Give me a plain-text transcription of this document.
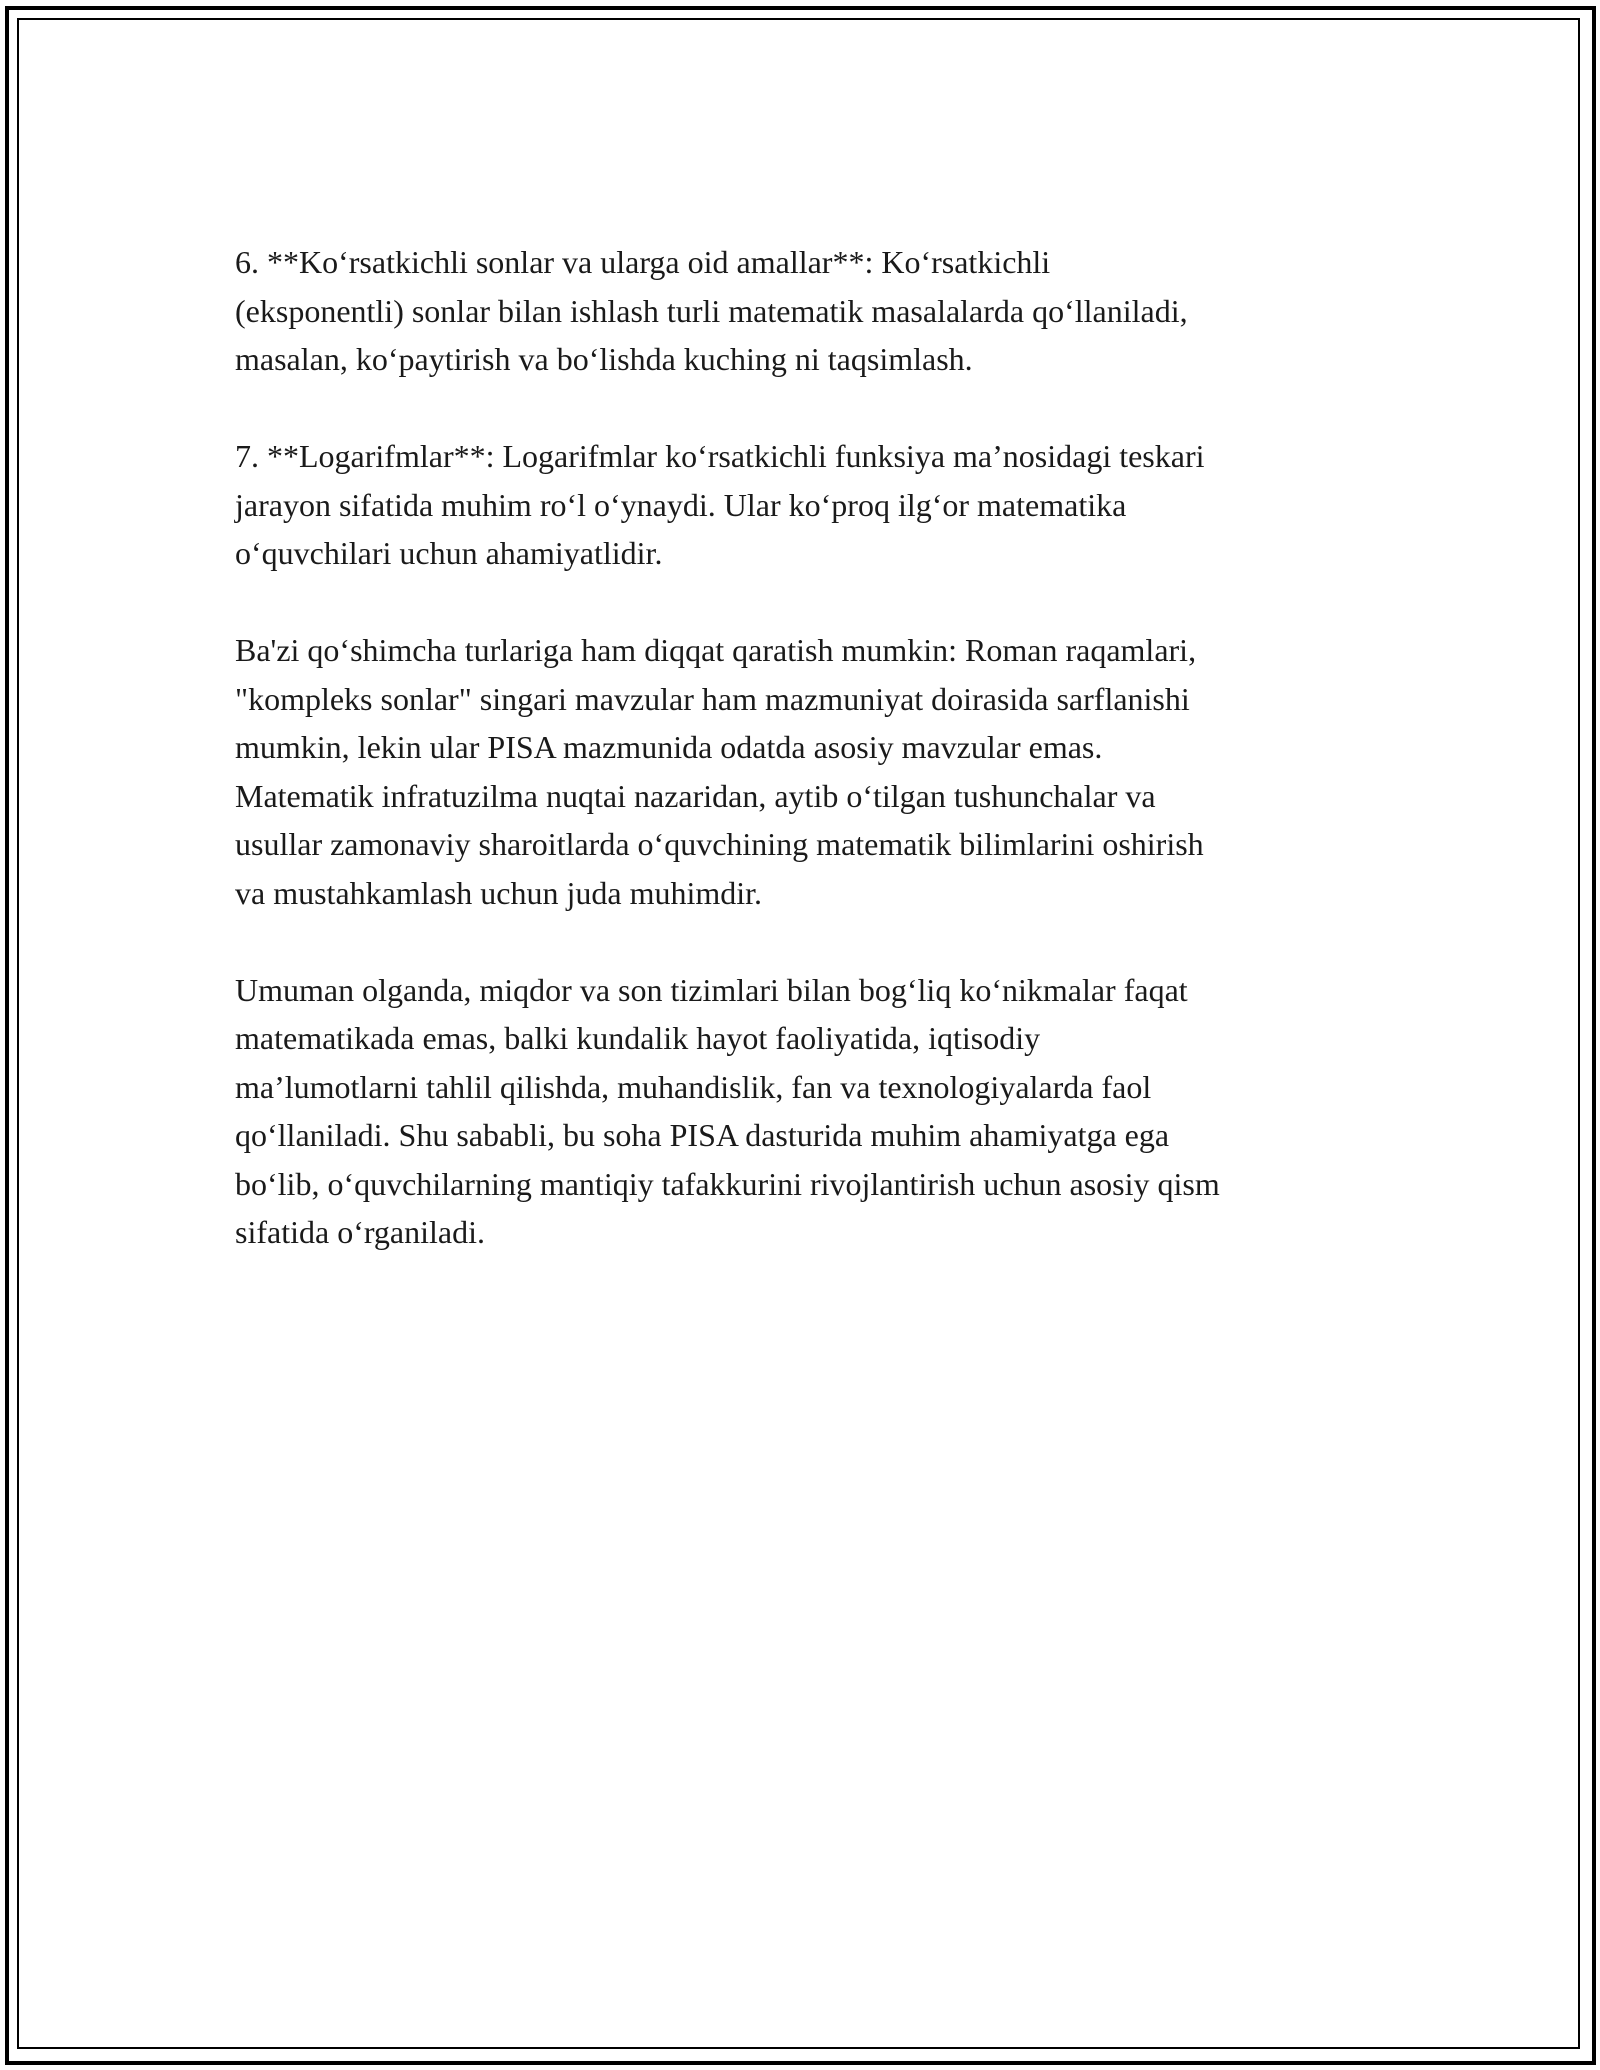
6. **Ko‘rsatkichli sonlar va ularga oid amallar**: Ko‘rsatkichli
(eksponentli) sonlar bilan ishlash turli matematik masalalarda qo‘llaniladi,
masalan, ko‘paytirish va bo‘lishda kuching ni taqsimlash.

7. **Logarifmlar**: Logarifmlar ko‘rsatkichli funksiya ma’nosidagi teskari
jarayon sifatida muhim ro‘l o‘ynaydi. Ular ko‘proq ilg‘or matematika
o‘quvchilari uchun ahamiyatlidir.

Ba'zi qo‘shimcha turlariga ham diqqat qaratish mumkin: Roman raqamlari,
"kompleks sonlar" singari mavzular ham mazmuniyat doirasida sarflanishi
mumkin, lekin ular PISA mazmunida odatda asosiy mavzular emas.
Matematik infratuzilma nuqtai nazaridan, aytib o‘tilgan tushunchalar va
usullar zamonaviy sharoitlarda o‘quvchining matematik bilimlarini oshirish
va mustahkamlash uchun juda muhimdir.

Umuman olganda, miqdor va son tizimlari bilan bog‘liq ko‘nikmalar faqat
matematikada emas, balki kundalik hayot faoliyatida, iqtisodiy
ma’lumotlarni tahlil qilishda, muhandislik, fan va texnologiyalarda faol
qo‘llaniladi. Shu sababli, bu soha PISA dasturida muhim ahamiyatga ega
bo‘lib, o‘quvchilarning mantiqiy tafakkurini rivojlantirish uchun asosiy qism
sifatida o‘rganiladi.
